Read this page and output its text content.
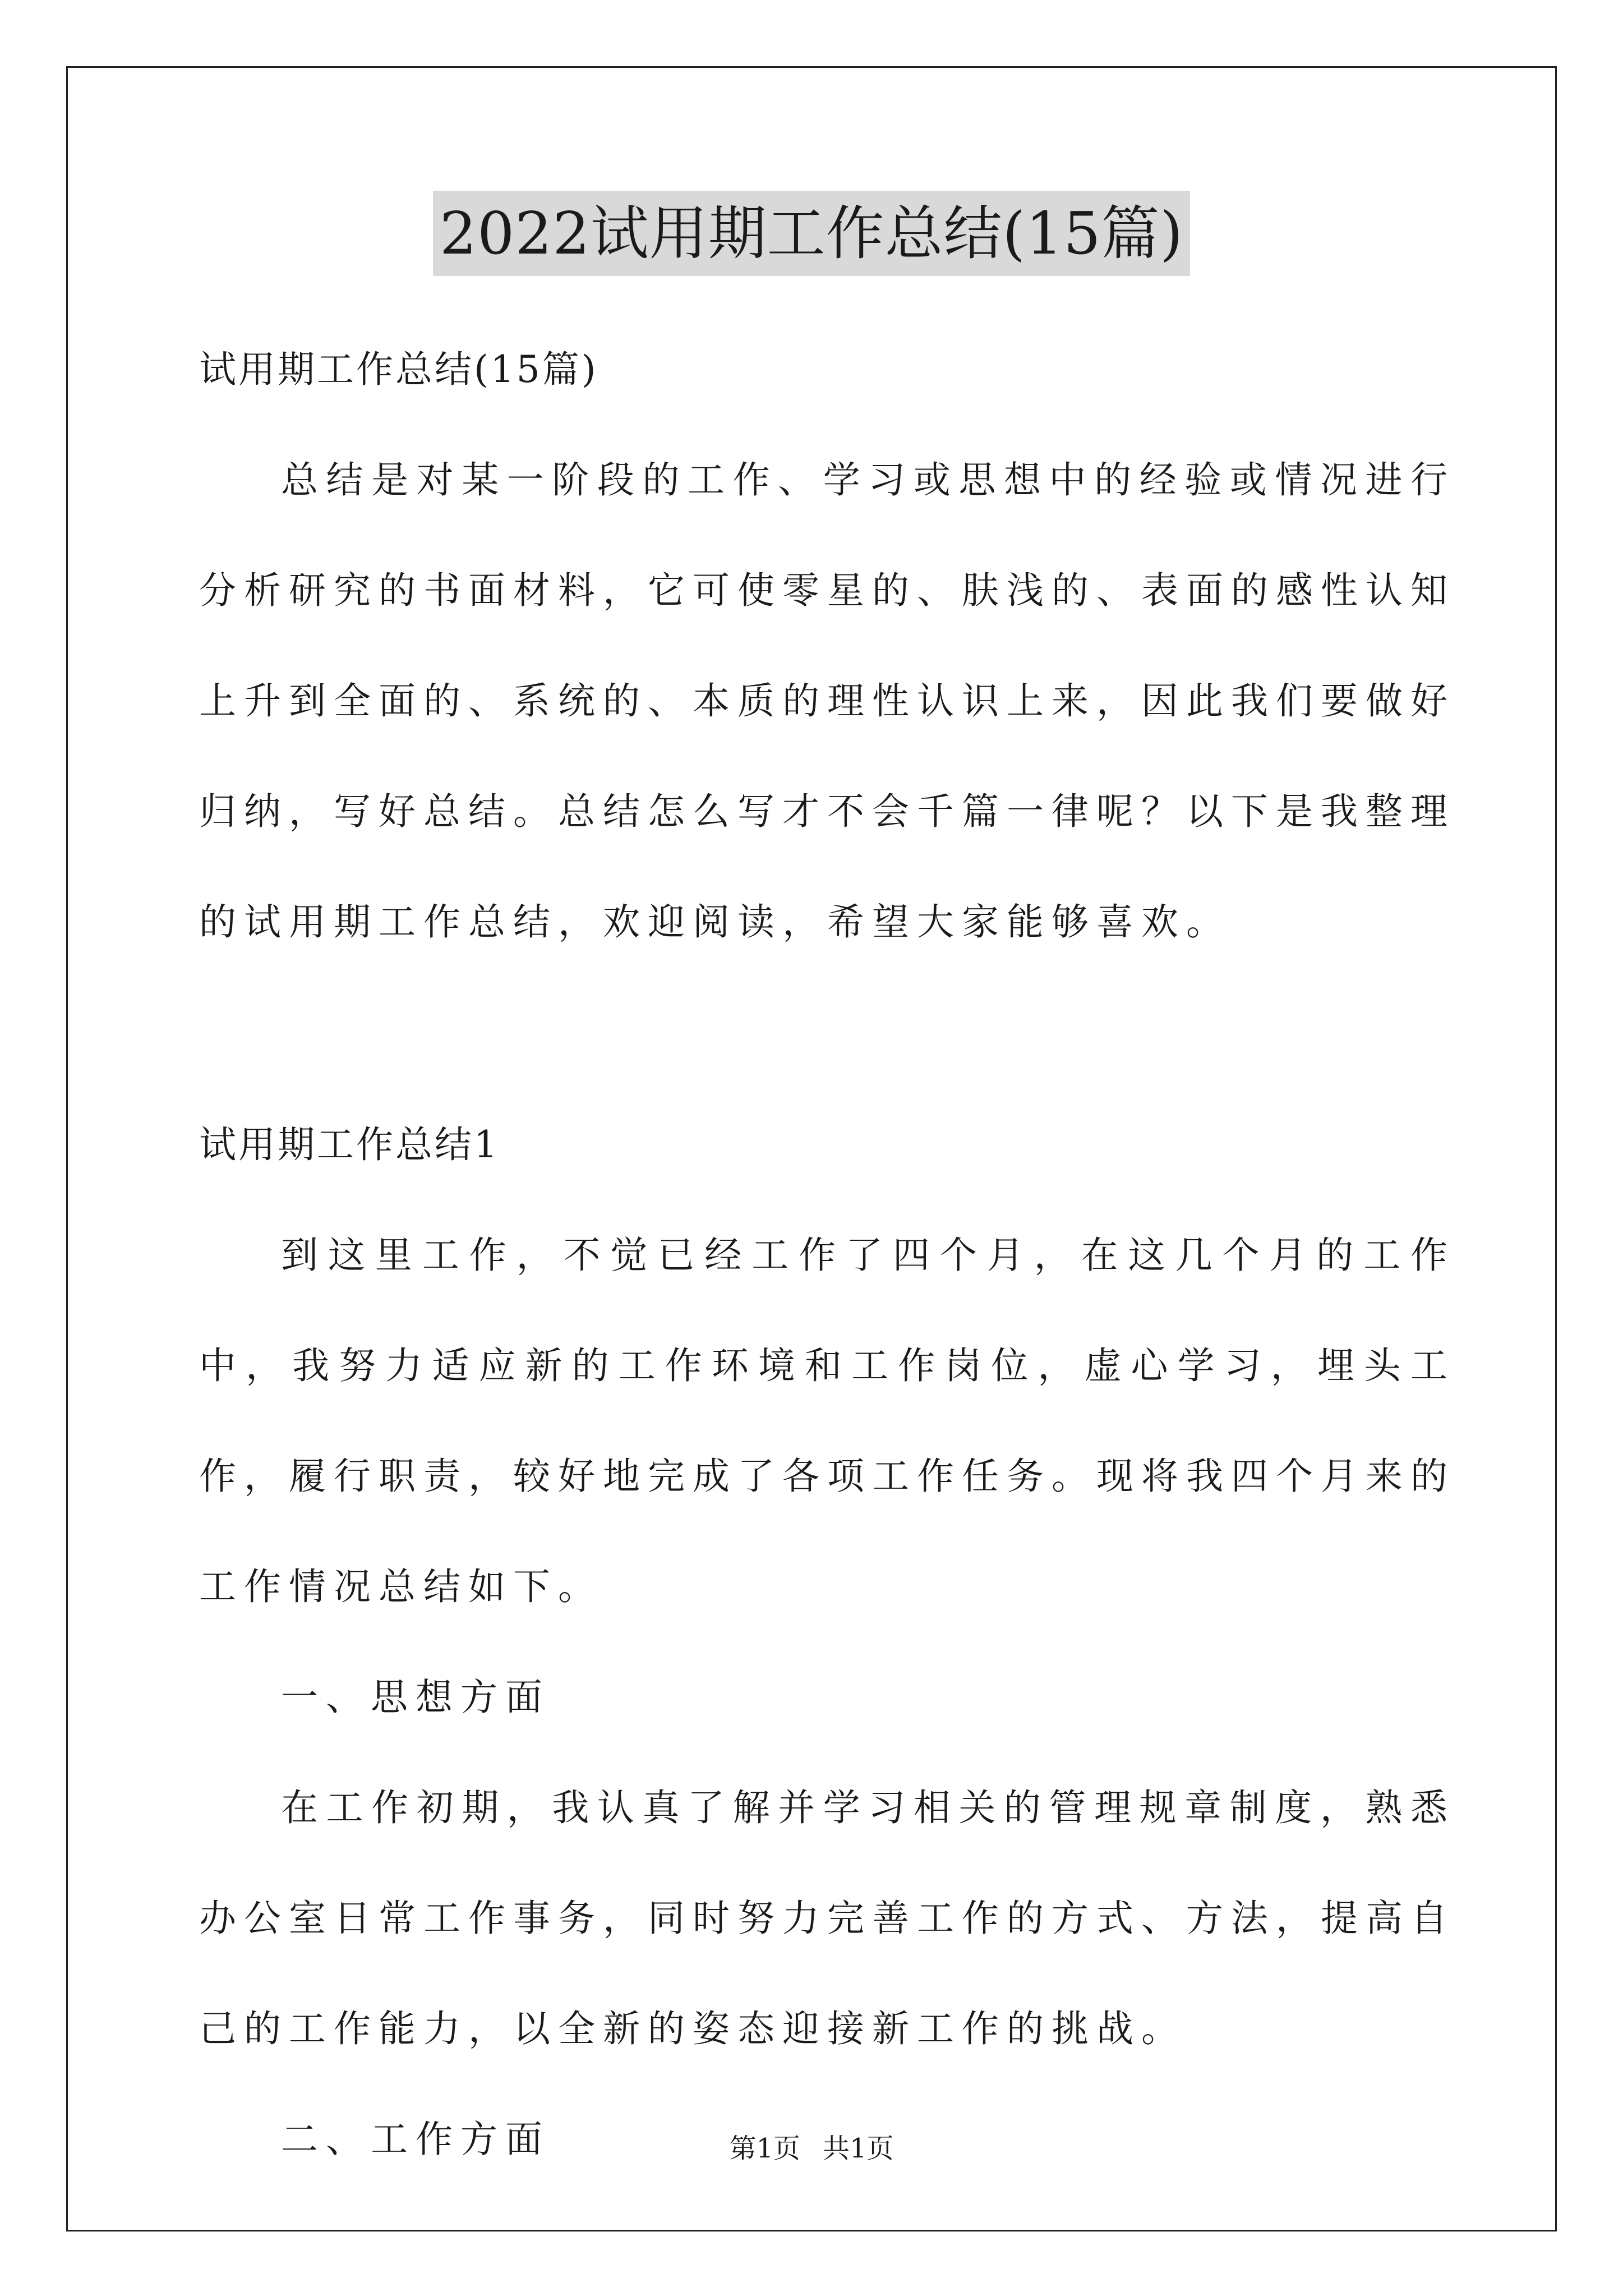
2022试用期工作总结(15篇)

试用期工作总结(15篇)

总结是对某一阶段的工作、学习或思想中的经验或情况进行分析研究的书面材料，它可使零星的、肤浅的、表面的感性认知上升到全面的、系统的、本质的理性认识上来，因此我们要做好归纳，写好总结。总结怎么写才不会千篇一律呢？以下是我整理的试用期工作总结，欢迎阅读，希望大家能够喜欢。

试用期工作总结1

到这里工作，不觉已经工作了四个月，在这几个月的工作中，我努力适应新的工作环境和工作岗位，虚心学习，埋头工作，履行职责，较好地完成了各项工作任务。现将我四个月来的工作情况总结如下。

一、思想方面

在工作初期，我认真了解并学习相关的管理规章制度，熟悉办公室日常工作事务，同时努力完善工作的方式、方法，提高自己的工作能力，以全新的姿态迎接新工作的挑战。

二、工作方面	第1页 共1页
